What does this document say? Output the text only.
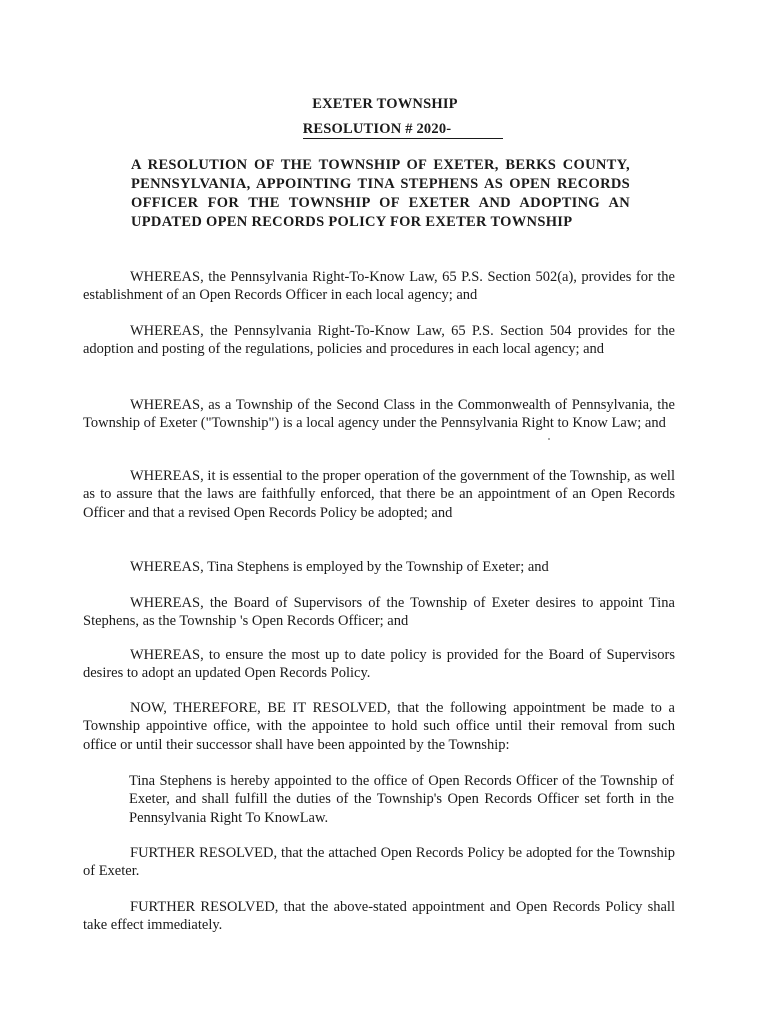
EXETER TOWNSHIP
RESOLUTION # 2020-
A RESOLUTION OF THE TOWNSHIP OF EXETER, BERKS COUNTY, PENNSYLVANIA, APPOINTING TINA STEPHENS AS OPEN RECORDS OFFICER FOR THE TOWNSHIP OF EXETER AND ADOPTING AN UPDATED OPEN RECORDS POLICY FOR EXETER TOWNSHIP
WHEREAS, the Pennsylvania Right-To-Know Law, 65 P.S. Section 502(a), provides for the establishment of an Open Records Officer in each local agency; and
WHEREAS, the Pennsylvania Right-To-Know Law, 65 P.S. Section 504 provides for the adoption and posting of the regulations, policies and procedures in each local agency; and
WHEREAS, as a Township of the Second Class in the Commonwealth of Pennsylvania, the Township of Exeter ("Township") is a local agency under the Pennsylvania Right to Know Law; and
WHEREAS, it is essential to the proper operation of the government of the Township, as well as to assure that the laws are faithfully enforced, that there be an appointment of an Open Records Officer and that a revised Open Records Policy be adopted; and
WHEREAS, Tina Stephens is employed by the Township of Exeter; and
WHEREAS, the Board of Supervisors of the Township of Exeter desires to appoint Tina Stephens, as the Township 's Open Records Officer; and
WHEREAS, to ensure the most up to date policy is provided for the Board of Supervisors desires to adopt an updated Open Records Policy.
NOW, THEREFORE, BE IT RESOLVED, that the following appointment be made to a Township appointive office, with the appointee to hold such office until their removal from such office or until their successor shall have been appointed by the Township:
Tina Stephens is hereby appointed to the office of Open Records Officer of the Township of Exeter, and shall fulfill the duties of the Township's Open Records Officer set forth in the Pennsylvania Right To KnowLaw.
FURTHER RESOLVED, that the attached Open Records Policy be adopted for the Township of Exeter.
FURTHER RESOLVED, that the above-stated appointment and Open Records Policy shall take effect immediately.
